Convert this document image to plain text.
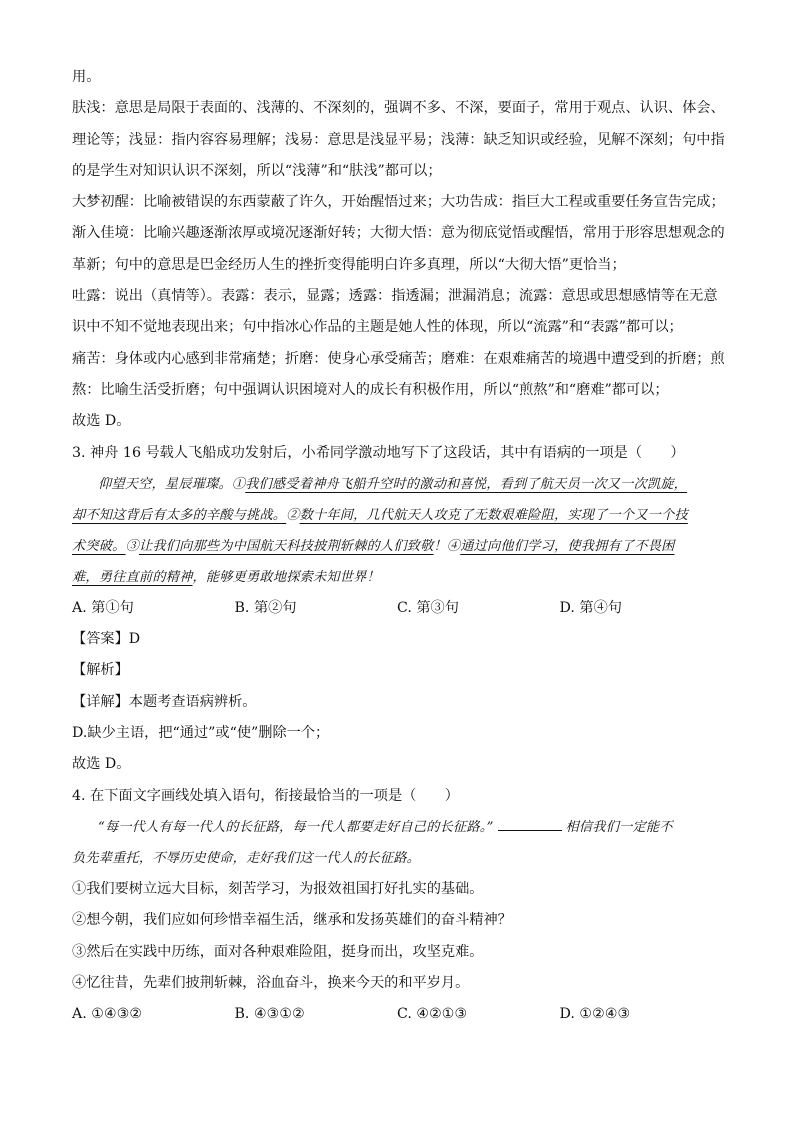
用。

肤浅：意思是局限于表面的、浅薄的、不深刻的，强调不多、不深，要面子，常用于观点、认识、体会、

理论等；浅显：指内容容易理解；浅易：意思是浅显平易；浅薄：缺乏知识或经验，见解不深刻；句中指

的是学生对知识认识不深刻，所以“浅薄”和“肤浅”都可以；

大梦初醒：比喻被错误的东西蒙蔽了许久，开始醒悟过来；大功告成：指巨大工程或重要任务宣告完成；

渐入佳境：比喻兴趣逐渐浓厚或境况逐渐好转；大彻大悟：意为彻底觉悟或醒悟，常用于形容思想观念的

革新；句中的意思是巴金经历人生的挫折变得能明白许多真理，所以“大彻大悟”更恰当；

吐露：说出（真情等）。表露：表示，显露；透露：指透漏；泄漏消息；流露：意思或思想感情等在无意

识中不知不觉地表现出来；句中指冰心作品的主题是她人性的体现，所以“流露”和“表露”都可以；

痛苦：身体或内心感到非常痛楚；折磨：使身心承受痛苦；磨难：在艰难痛苦的境遇中遭受到的折磨；煎

熬：比喻生活受折磨；句中强调认识困境对人的成长有积极作用，所以“煎熬”和“磨难”都可以；

故选 D。

3. 神舟 16 号载人飞船成功发射后，小希同学激动地写下了这段话，其中有语病的一项是（　　）

仰望天空，星辰璀璨。①我们感受着神舟飞船升空时的激动和喜悦，看到了航天员一次又一次凯旋，

却不知这背后有太多的辛酸与挑战。②数十年间，几代航天人攻克了无数艰难险阻，实现了一个又一个技

术突破。③让我们向那些为中国航天科技披荆斩棘的人们致敬！④通过向他们学习，使我拥有了不畏困

难，勇往直前的精神，能够更勇敢地探索未知世界！

A. 第①句	B. 第②句	C. 第③句	D. 第④句

【答案】D

【解析】

【详解】本题考查语病辨析。

D.缺少主语，把“通过”或“使”删除一个；

故选 D。

4. 在下面文字画线处填入语句，衔接最恰当的一项是（　　）

“每一代人有每一代人的长征路，每一代人都要走好自己的长征路。”	相信我们一定能不

负先辈重托，不辱历史使命，走好我们这一代人的长征路。

①我们要树立远大目标，刻苦学习，为报效祖国打好扎实的基础。

②想今朝，我们应如何珍惜幸福生活，继承和发扬英雄们的奋斗精神？

③然后在实践中历练，面对各种艰难险阻，挺身而出，攻坚克难。

④忆往昔，先辈们披荆斩棘，浴血奋斗，换来今天的和平岁月。

A. ①④③②	B. ④③①②	C. ④②①③	D. ①②④③
